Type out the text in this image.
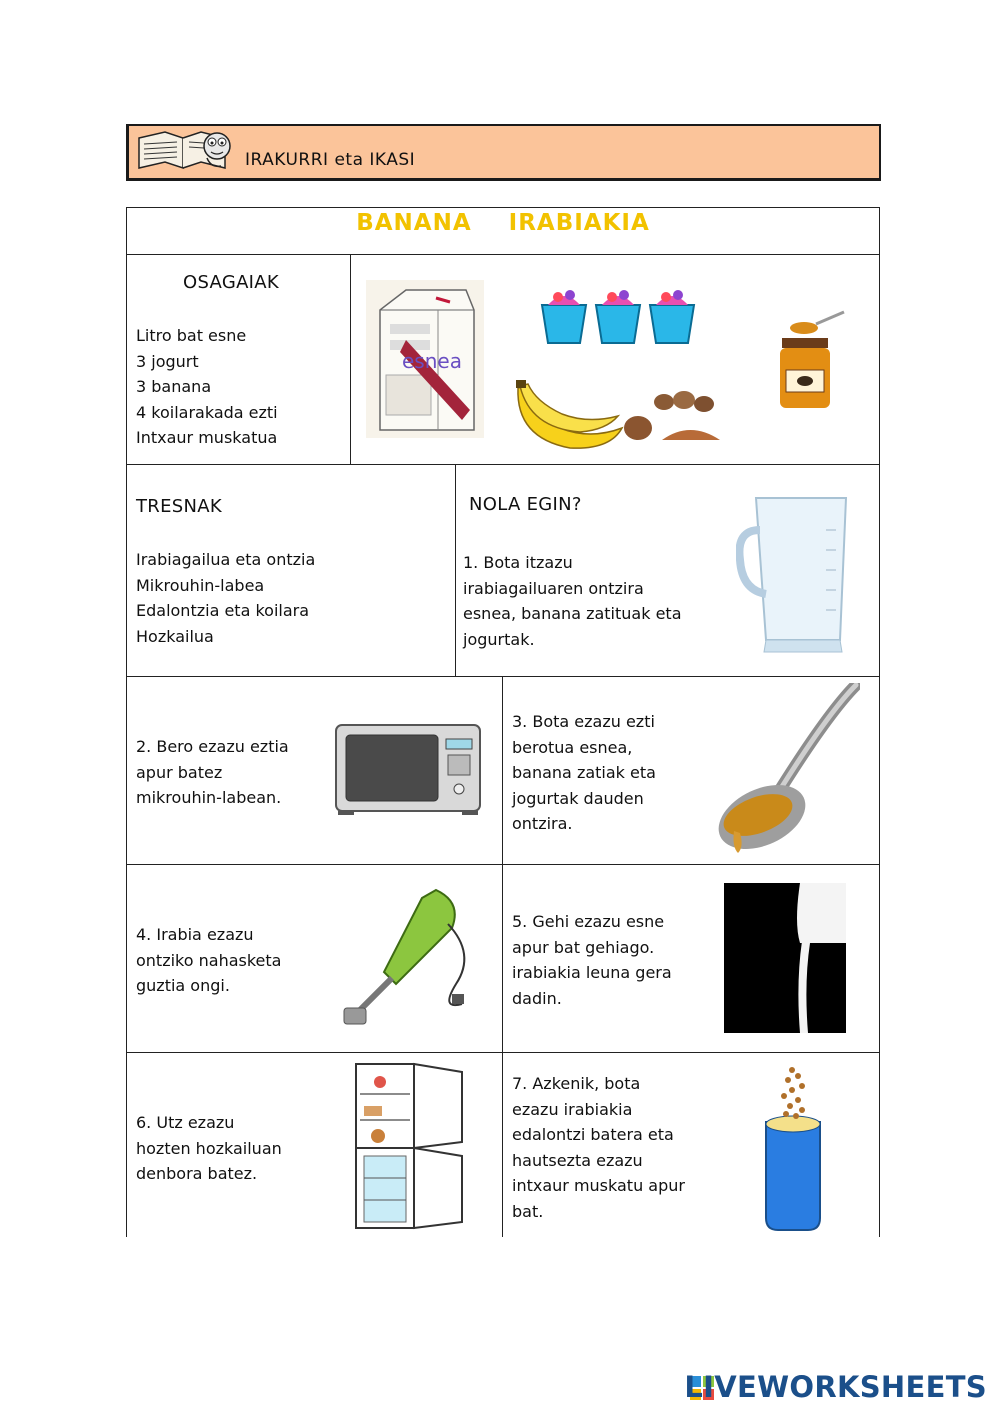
IRAKURRI eta IKASI
BANANA IRABIAKIA
OSAGAIAK
Litro bat esne
3 jogurt
3 banana
4 koilarakada ezti
Intxaur muskatua
esnea
TRESNAK
Irabiagailua eta ontzia
Mikrouhin-labea
Edalontzia eta koilara
Hozkailua
NOLA EGIN?
1. Bota itzazu
irabiagailuaren ontzira
esnea, banana zatituak eta
jogurtak.
2. Bero ezazu eztia
apur batez
mikrouhin-labean.
3. Bota ezazu ezti
berotua esnea,
banana zatiak eta
jogurtak dauden
ontzira.
4. Irabia ezazu
ontziko nahasketa
guztia ongi.
5. Gehi ezazu esne
apur bat gehiago.
irabiakia leuna gera
dadin.
6. Utz ezazu
hozten hozkailuan
denbora batez.
7. Azkenik, bota
ezazu irabiakia
edalontzi batera eta
hautsezta ezazu
intxaur muskatu apur
bat.
LIVEWORKSHEETS
